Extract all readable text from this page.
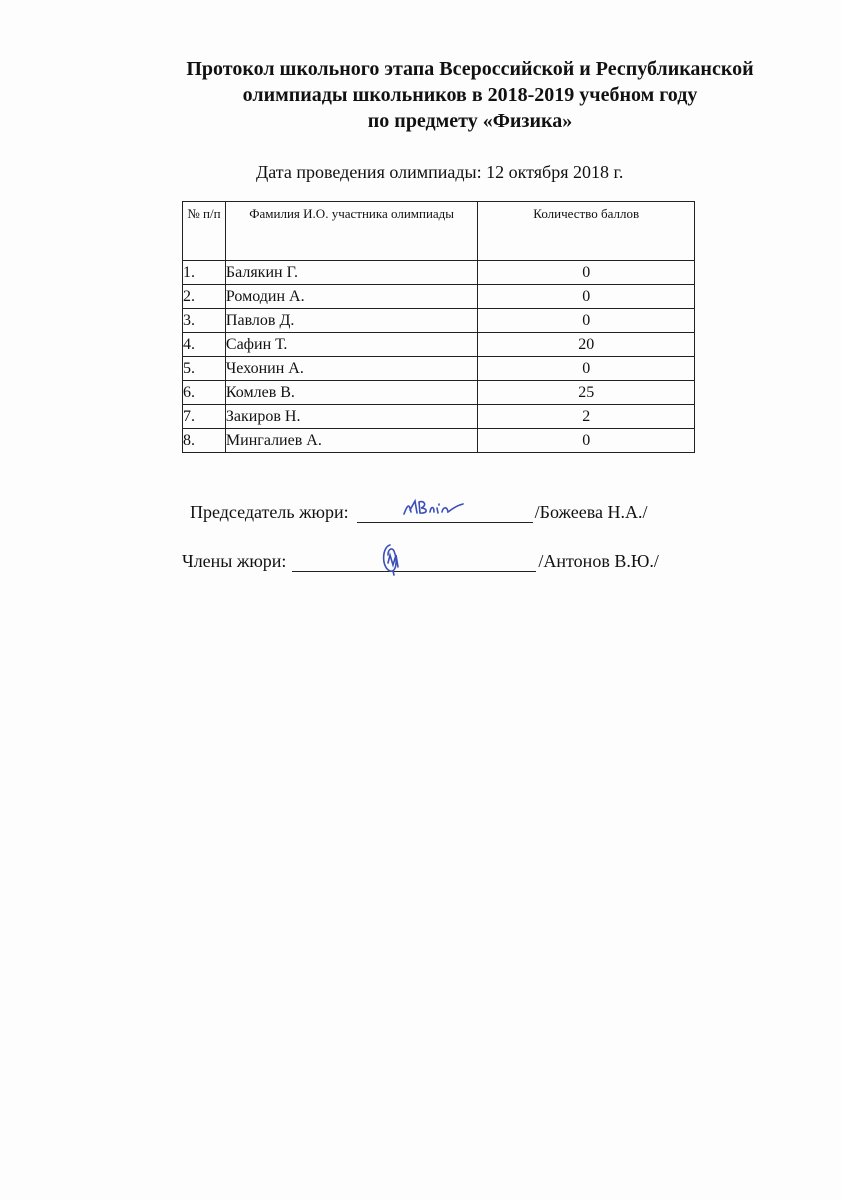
Протокол школьного этапа Всероссийской и Республиканской
олимпиады школьников в 2018-2019 учебном году
по предмету «Физика»
Дата проведения олимпиады: 12 октября 2018 г.
№ п/п	Фамилия И.О. участника олимпиады	Количество баллов
1.	Балякин Г.	0
2.	Ромодин А.	0
3.	Павлов Д.	0
4.	Сафин Т.	20
5.	Чехонин А.	0
6.	Комлев В.	25
7.	Закиров Н.	2
8.	Мингалиев А.	0
Председатель жюри:	/Божеева Н.А./
Члены жюри:	/Антонов В.Ю./
